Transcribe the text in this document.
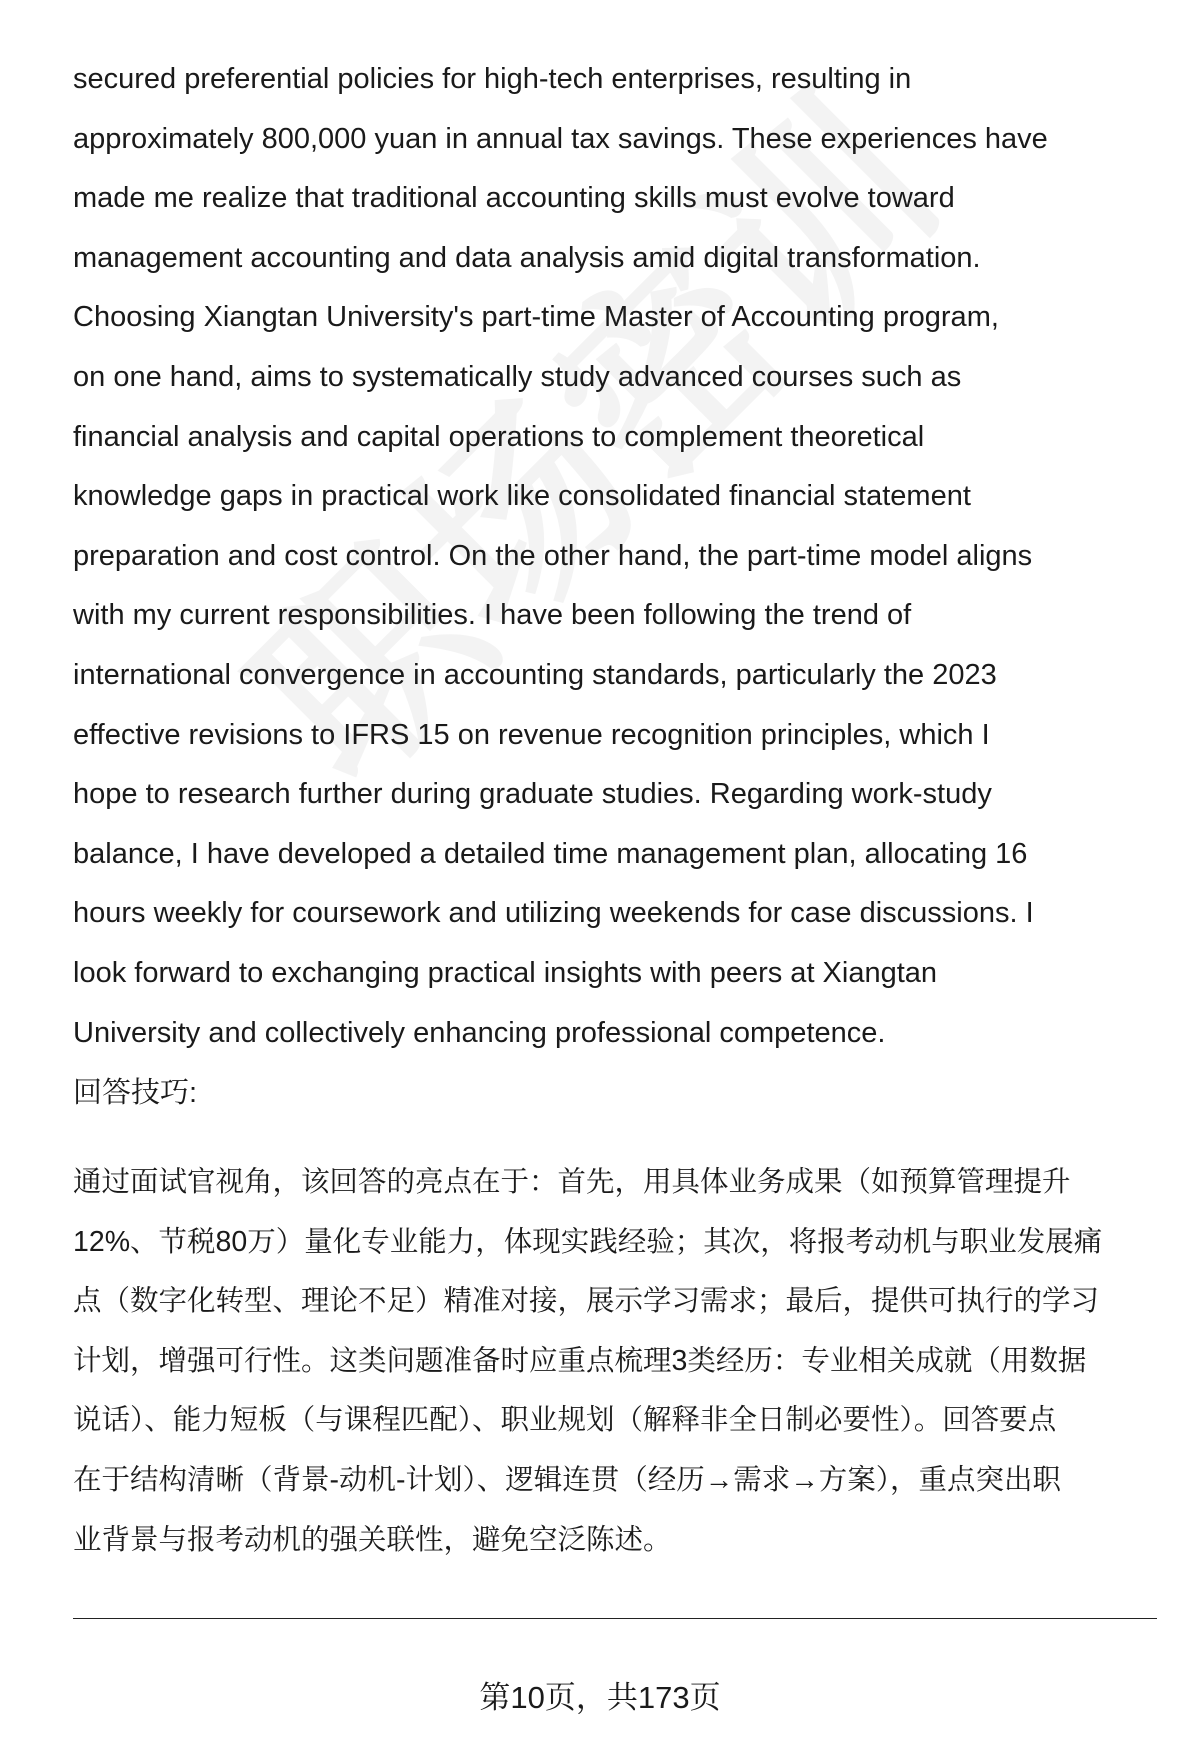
secured preferential policies for high-tech enterprises, resulting in
approximately 800,000 yuan in annual tax savings. These experiences have
made me realize that traditional accounting skills must evolve toward
management accounting and data analysis amid digital transformation.
Choosing Xiangtan University's part-time Master of Accounting program,
on one hand, aims to systematically study advanced courses such as
financial analysis and capital operations to complement theoretical
knowledge gaps in practical work like consolidated financial statement
preparation and cost control. On the other hand, the part-time model aligns
with my current responsibilities. I have been following the trend of
international convergence in accounting standards, particularly the 2023
effective revisions to IFRS 15 on revenue recognition principles, which I
hope to research further during graduate studies. Regarding work-study
balance, I have developed a detailed time management plan, allocating 16
hours weekly for coursework and utilizing weekends for case discussions. I
look forward to exchanging practical insights with peers at Xiangtan
University and collectively enhancing professional competence.
回答技巧:
通过面试官视角，该回答的亮点在于：首先，用具体业务成果（如预算管理提升
12%、节税80万）量化专业能力，体现实践经验；其次，将报考动机与职业发展痛
点（数字化转型、理论不足）精准对接，展示学习需求；最后，提供可执行的学习
计划，增强可行性。这类问题准备时应重点梳理3类经历：专业相关成就（用数据
说话）、能力短板（与课程匹配）、职业规划（解释非全日制必要性）。回答要点
在于结构清晰（背景-动机-计划）、逻辑连贯（经历→需求→方案），重点突出职
业背景与报考动机的强关联性，避免空泛陈述。
第10页，共173页
